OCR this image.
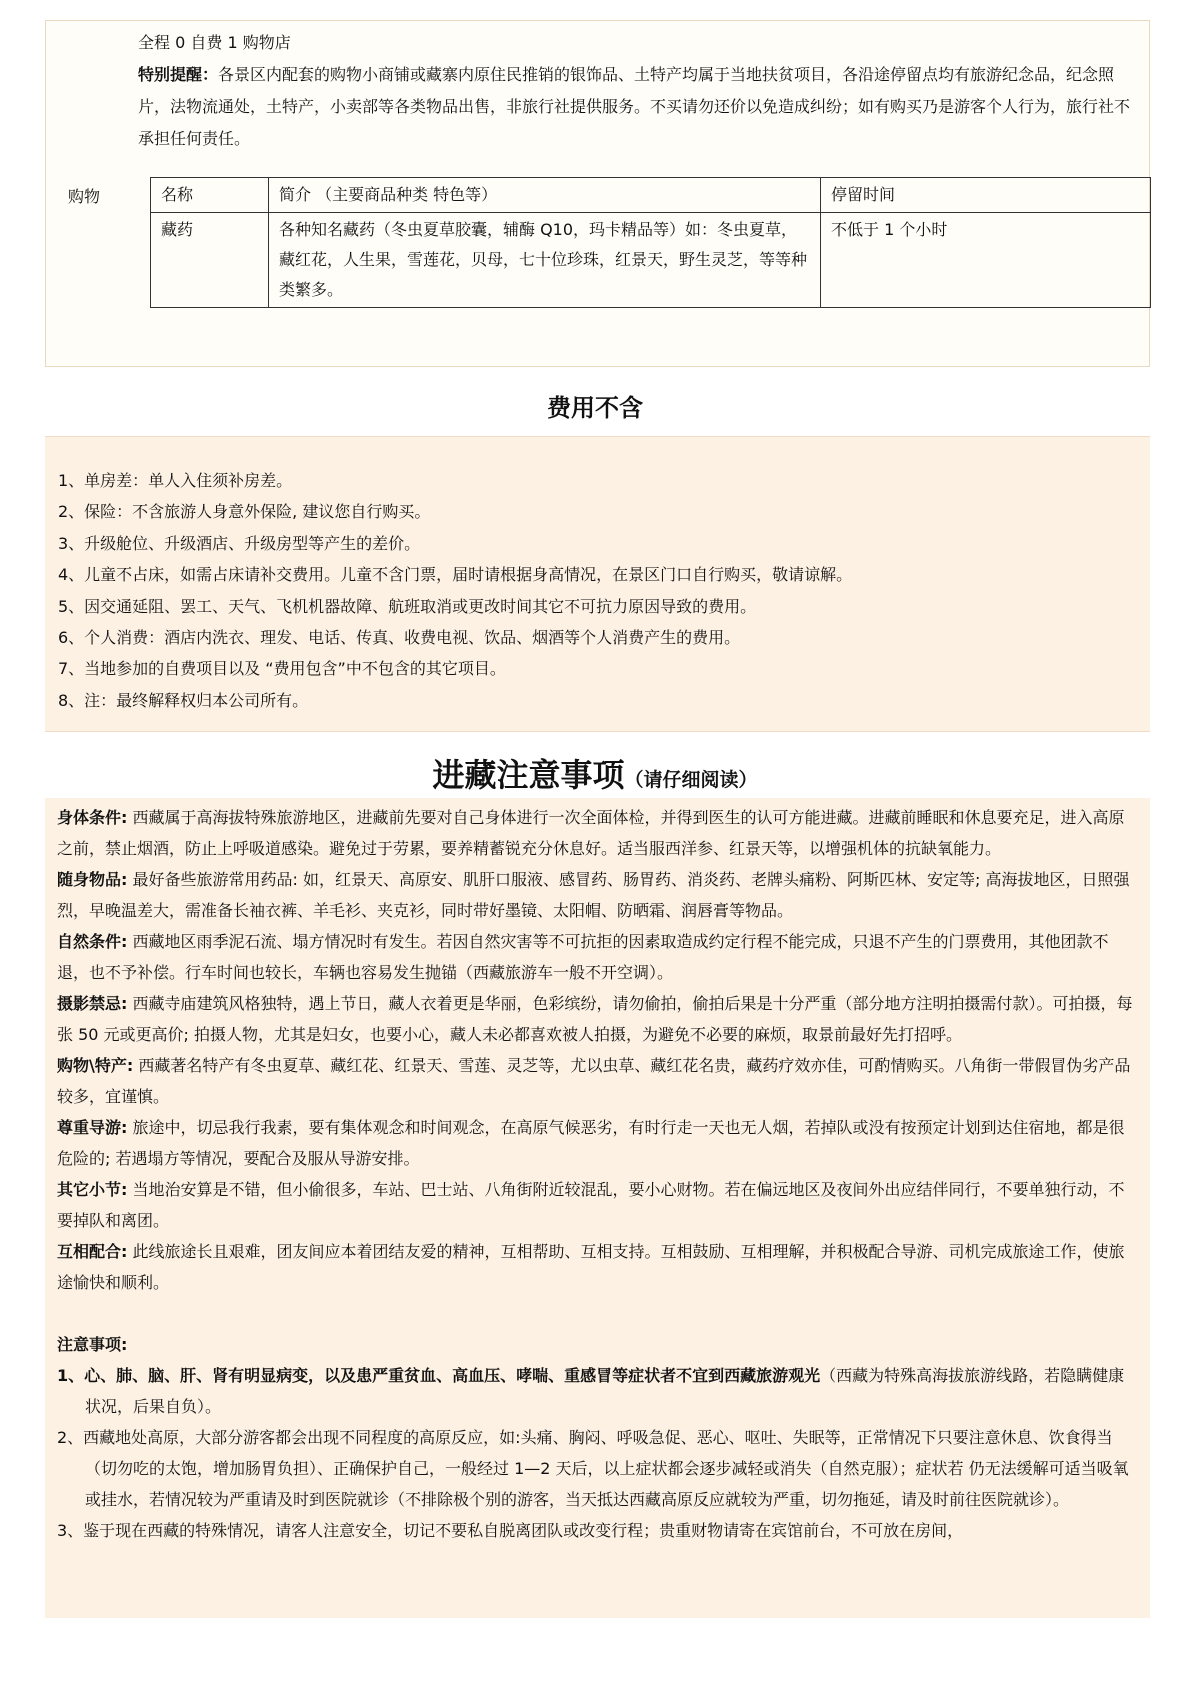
全程 0 自费 1 购物店
特别提醒：各景区内配套的购物小商铺或藏寨内原住民推销的银饰品、土特产均属于当地扶贫项目，各沿途停留点均有旅游纪念品，纪念照片，法物流通处，土特产，小卖部等各类物品出售，非旅行社提供服务。不买请勿还价以免造成纠纷；如有购买乃是游客个人行为，旅行社不承担任何责任。
购物	名称	简介 （主要商品种类 特色等）	停留时间
藏药	各种知名藏药（冬虫夏草胶囊，辅酶 Q10，玛卡精品等）如：冬虫夏草，藏红花，人生果，雪莲花，贝母，七十位珍珠，红景天，野生灵芝，等等种类繁多。	不低于 1 个小时
费用不含
1、单房差：单人入住须补房差。
2、保险：不含旅游人身意外保险, 建议您自行购买。
3、升级舱位、升级酒店、升级房型等产生的差价。
4、儿童不占床，如需占床请补交费用。儿童不含门票，届时请根据身高情况，在景区门口自行购买，敬请谅解。
5、因交通延阻、罢工、天气、飞机机器故障、航班取消或更改时间其它不可抗力原因导致的费用。
6、个人消费：酒店内洗衣、理发、电话、传真、收费电视、饮品、烟酒等个人消费产生的费用。
7、当地参加的自费项目以及 “费用包含”中不包含的其它项目。
8、注：最终解释权归本公司所有。
进藏注意事项（请仔细阅读）
身体条件: 西藏属于高海拔特殊旅游地区，进藏前先要对自己身体进行一次全面体检，并得到医生的认可方能进藏。进藏前睡眠和休息要充足，进入高原之前，禁止烟酒，防止上呼吸道感染。避免过于劳累，要养精蓄锐充分休息好。适当服西洋参、红景天等，以增强机体的抗缺氧能力。
随身物品: 最好备些旅游常用药品: 如，红景天、高原安、肌肝口服液、感冒药、肠胃药、消炎药、老牌头痛粉、阿斯匹林、安定等; 高海拔地区，日照强烈，早晚温差大，需准备长袖衣裤、羊毛衫、夹克衫，同时带好墨镜、太阳帽、防晒霜、润唇膏等物品。
自然条件: 西藏地区雨季泥石流、塌方情况时有发生。若因自然灾害等不可抗拒的因素取造成约定行程不能完成，只退不产生的门票费用，其他团款不退，也不予补偿。行车时间也较长，车辆也容易发生抛锚（西藏旅游车一般不开空调）。
摄影禁忌: 西藏寺庙建筑风格独特，遇上节日，藏人衣着更是华丽，色彩缤纷，请勿偷拍，偷拍后果是十分严重（部分地方注明拍摄需付款）。可拍摄，每张 50 元或更高价; 拍摄人物，尤其是妇女，也要小心，藏人未必都喜欢被人拍摄，为避免不必要的麻烦，取景前最好先打招呼。
购物\特产: 西藏著名特产有冬虫夏草、藏红花、红景天、雪莲、灵芝等，尤以虫草、藏红花名贵，藏药疗效亦佳，可酌情购买。八角街一带假冒伪劣产品较多，宜谨慎。
尊重导游: 旅途中，切忌我行我素，要有集体观念和时间观念，在高原气候恶劣，有时行走一天也无人烟，若掉队或没有按预定计划到达住宿地，都是很危险的; 若遇塌方等情况，要配合及服从导游安排。
其它小节: 当地治安算是不错，但小偷很多，车站、巴士站、八角街附近较混乱，要小心财物。若在偏远地区及夜间外出应结伴同行，不要单独行动，不要掉队和离团。
互相配合: 此线旅途长且艰难，团友间应本着团结友爱的精神，互相帮助、互相支持。互相鼓励、互相理解，并积极配合导游、司机完成旅途工作，使旅途愉快和顺利。
注意事项:
1、心、肺、脑、肝、肾有明显病变，以及患严重贫血、高血压、哮喘、重感冒等症状者不宜到西藏旅游观光（西藏为特殊高海拔旅游线路，若隐瞒健康状况，后果自负）。
2、西藏地处高原，大部分游客都会出现不同程度的高原反应，如:头痛、胸闷、呼吸急促、恶心、呕吐、失眠等，正常情况下只要注意休息、饮食得当（切勿吃的太饱，增加肠胃负担）、正确保护自己，一般经过 1—2 天后，以上症状都会逐步减轻或消失（自然克服）；症状若 仍无法缓解可适当吸氧或挂水，若情况较为严重请及时到医院就诊（不排除极个别的游客，当天抵达西藏高原反应就较为严重，切勿拖延，请及时前往医院就诊）。
3、鉴于现在西藏的特殊情况，请客人注意安全，切记不要私自脱离团队或改变行程；贵重财物请寄在宾馆前台，不可放在房间，
